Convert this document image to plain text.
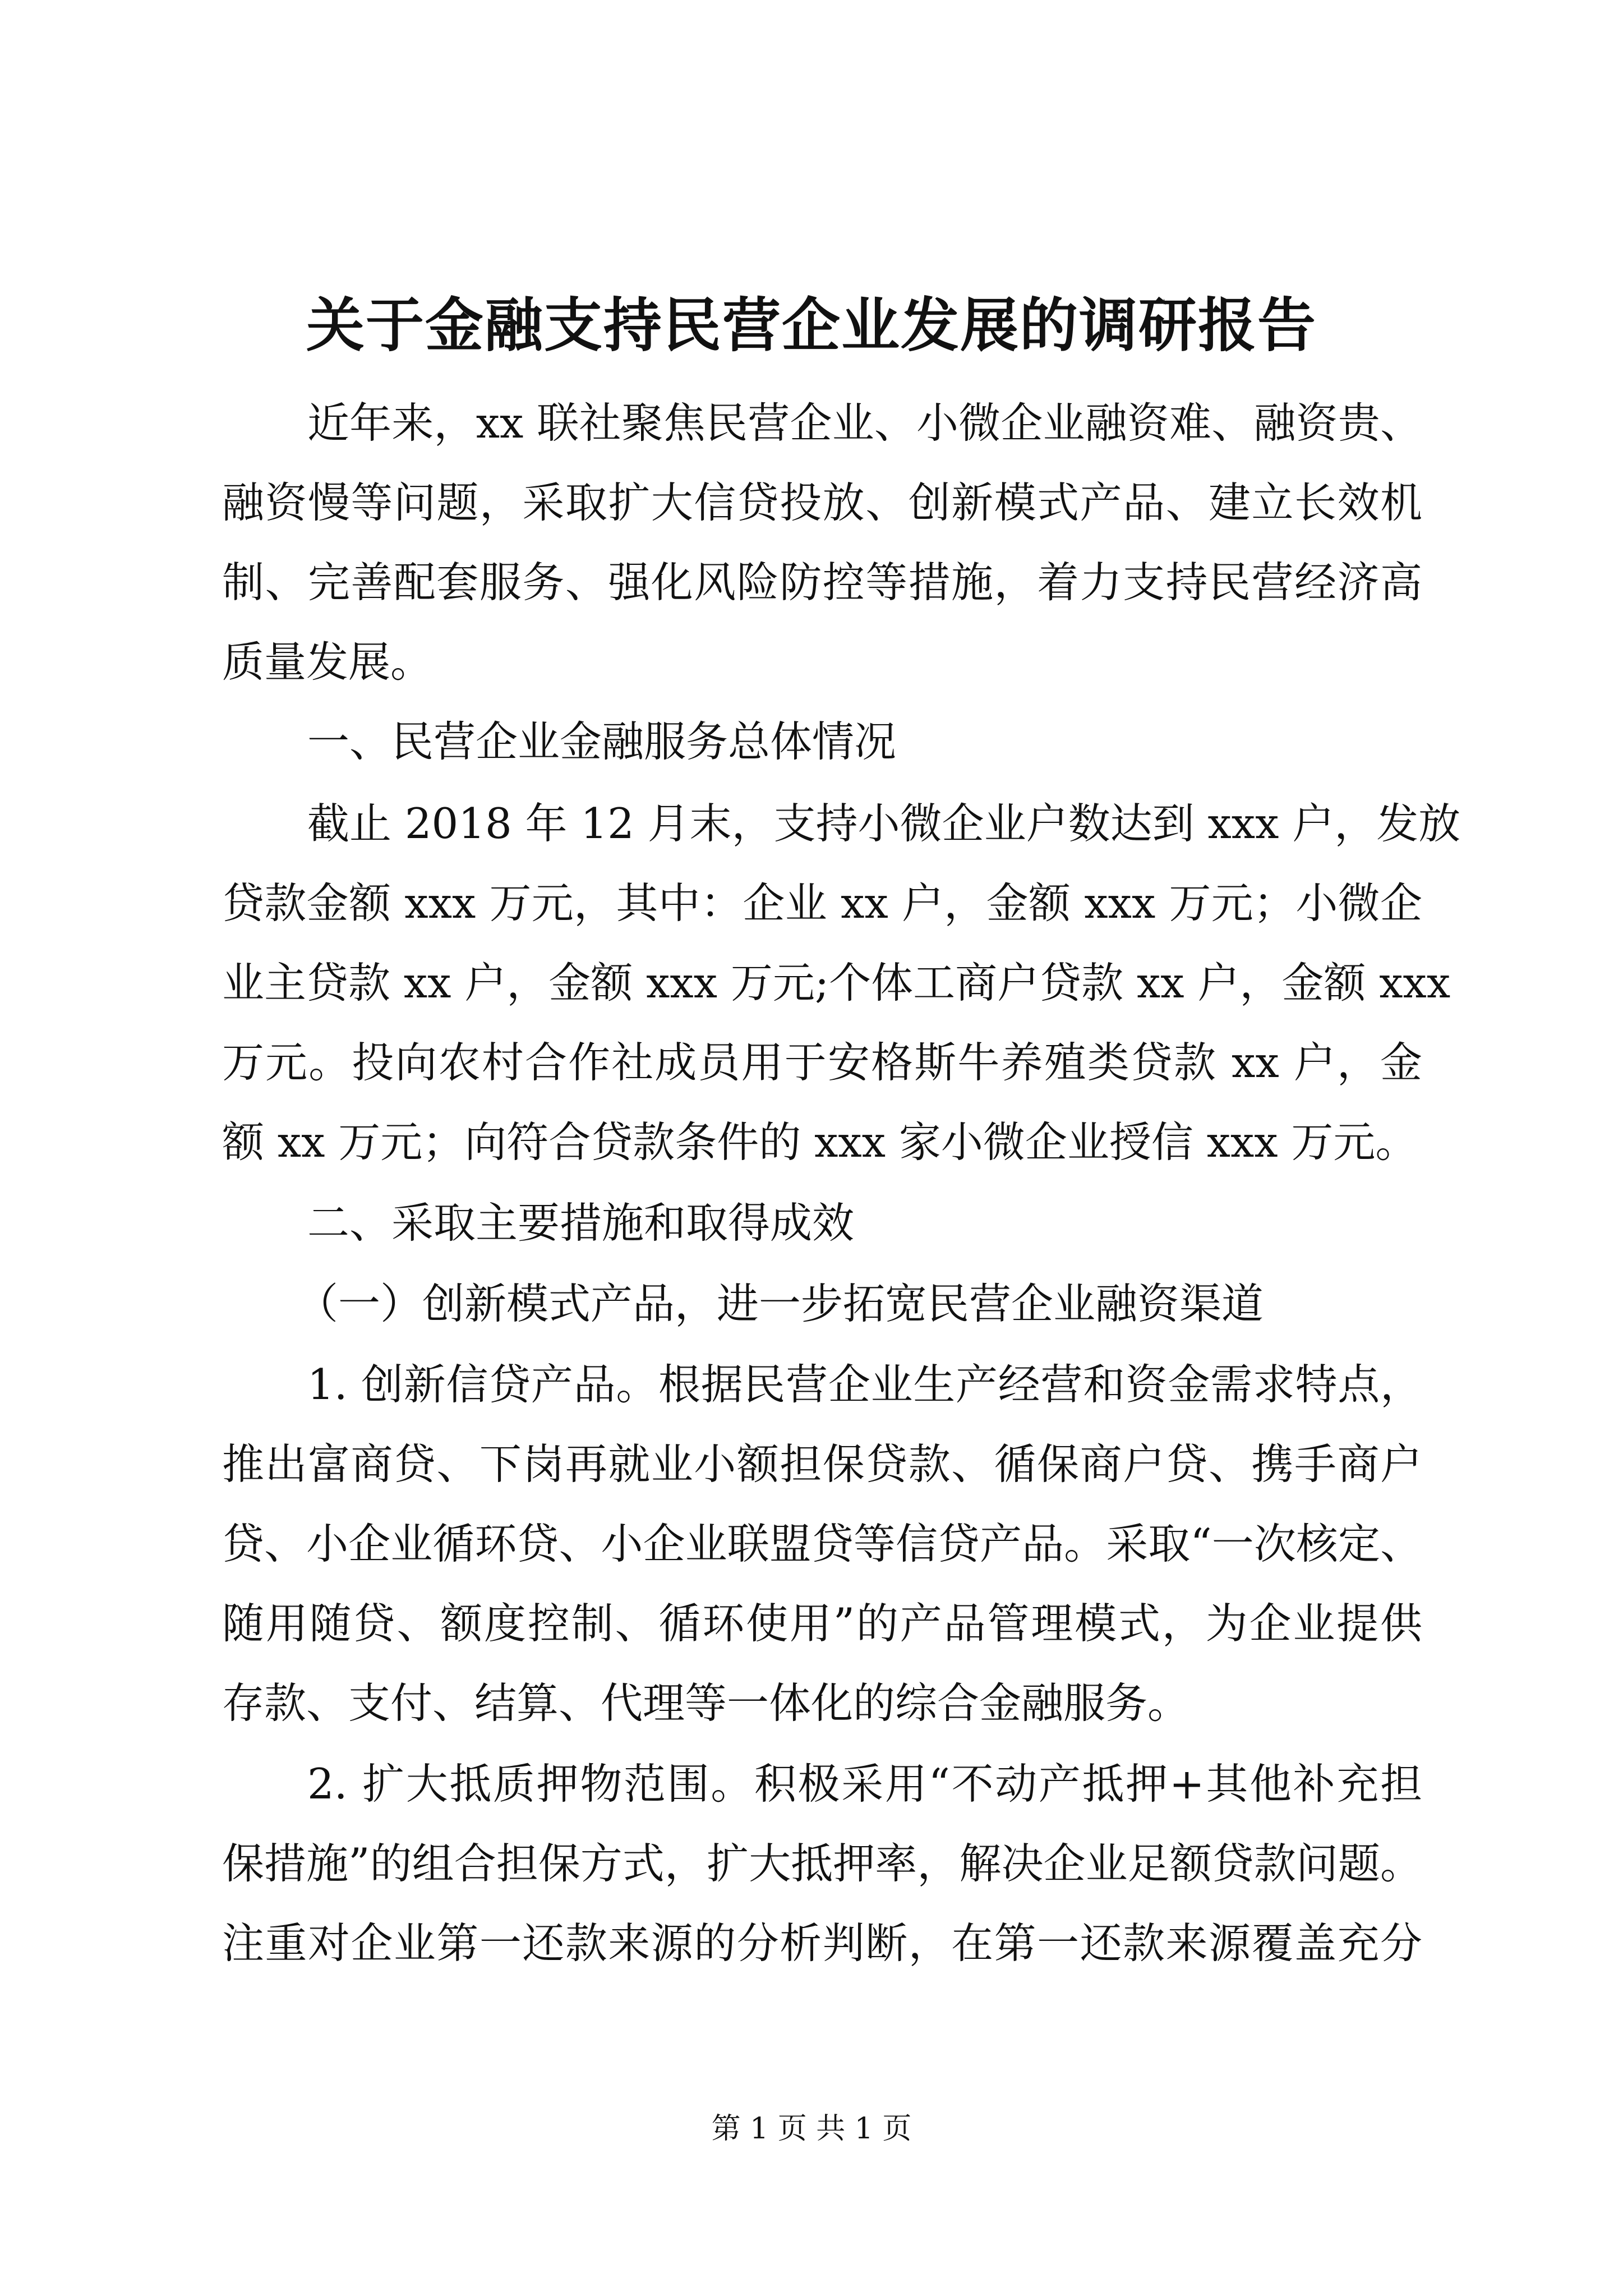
关于金融支持民营企业发展的调研报告
近年来，xx 联社聚焦民营企业、小微企业融资难、融资贵、
融资慢等问题，采取扩大信贷投放、创新模式产品、建立长效机
制、完善配套服务、强化风险防控等措施，着力支持民营经济高
质量发展。
一、民营企业金融服务总体情况
截止 2018 年 12 月末，支持小微企业户数达到 xxx 户，发放
贷款金额 xxx 万元，其中：企业 xx 户，金额 xxx 万元；小微企
业主贷款 xx 户，金额 xxx 万元;个体工商户贷款 xx 户，金额 xxx
万元。投向农村合作社成员用于安格斯牛养殖类贷款 xx 户，金
额 xx 万元；向符合贷款条件的 xxx 家小微企业授信 xxx 万元。
二、采取主要措施和取得成效
（一）创新模式产品，进一步拓宽民营企业融资渠道
1. 创新信贷产品。根据民营企业生产经营和资金需求特点，
推出富商贷、下岗再就业小额担保贷款、循保商户贷、携手商户
贷、小企业循环贷、小企业联盟贷等信贷产品。采取“一次核定、
随用随贷、额度控制、循环使用”的产品管理模式，为企业提供
存款、支付、结算、代理等一体化的综合金融服务。
2. 扩大抵质押物范围。积极采用“不动产抵押+其他补充担
保措施”的组合担保方式，扩大抵押率，解决企业足额贷款问题。
注重对企业第一还款来源的分析判断，在第一还款来源覆盖充分
第 1 页 共 1 页
